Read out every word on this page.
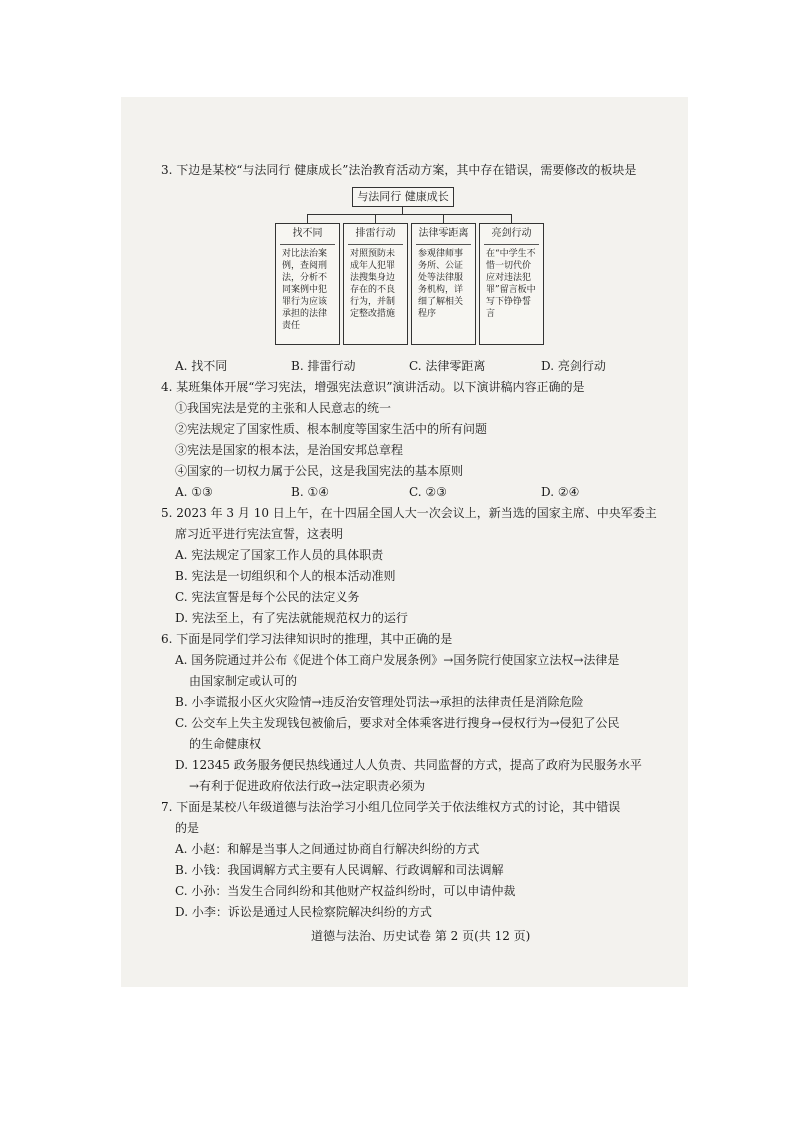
3. 下边是某校“与法同行 健康成长”法治教育活动方案，其中存在错误，需要修改的板块是
与法同行 健康成长
找不同
对比法治案例，查阅刑法，分析不同案例中犯罪行为应该承担的法律责任
排雷行动
对照预防未成年人犯罪法搜集身边存在的不良行为，并制定整改措施
法律零距离
参观律师事务所、公证处等法律服务机构，详细了解相关程序
亮剑行动
在“中学生不惜一切代价应对违法犯罪”留言板中写下铮铮誓言
A. 找不同	B. 排雷行动	C. 法律零距离	D. 亮剑行动
4. 某班集体开展“学习宪法，增强宪法意识”演讲活动。以下演讲稿内容正确的是
①我国宪法是党的主张和人民意志的统一
②宪法规定了国家性质、根本制度等国家生活中的所有问题
③宪法是国家的根本法，是治国安邦总章程
④国家的一切权力属于公民，这是我国宪法的基本原则
A. ①③	B. ①④	C. ②③	D. ②④
5. 2023 年 3 月 10 日上午，在十四届全国人大一次会议上，新当选的国家主席、中央军委主
席习近平进行宪法宣誓，这表明
A. 宪法规定了国家工作人员的具体职责
B. 宪法是一切组织和个人的根本活动准则
C. 宪法宣誓是每个公民的法定义务
D. 宪法至上，有了宪法就能规范权力的运行
6. 下面是同学们学习法律知识时的推理，其中正确的是
A. 国务院通过并公布《促进个体工商户发展条例》→国务院行使国家立法权→法律是
由国家制定或认可的
B. 小李谎报小区火灾险情→违反治安管理处罚法→承担的法律责任是消除危险
C. 公交车上失主发现钱包被偷后，要求对全体乘客进行搜身→侵权行为→侵犯了公民
的生命健康权
D. 12345 政务服务便民热线通过人人负责、共同监督的方式，提高了政府为民服务水平
→有利于促进政府依法行政→法定职责必须为
7. 下面是某校八年级道德与法治学习小组几位同学关于依法维权方式的讨论，其中错误
的是
A. 小赵：和解是当事人之间通过协商自行解决纠纷的方式
B. 小钱：我国调解方式主要有人民调解、行政调解和司法调解
C. 小孙：当发生合同纠纷和其他财产权益纠纷时，可以申请仲裁
D. 小李：诉讼是通过人民检察院解决纠纷的方式
道德与法治、历史试卷 第 2 页(共 12 页)
